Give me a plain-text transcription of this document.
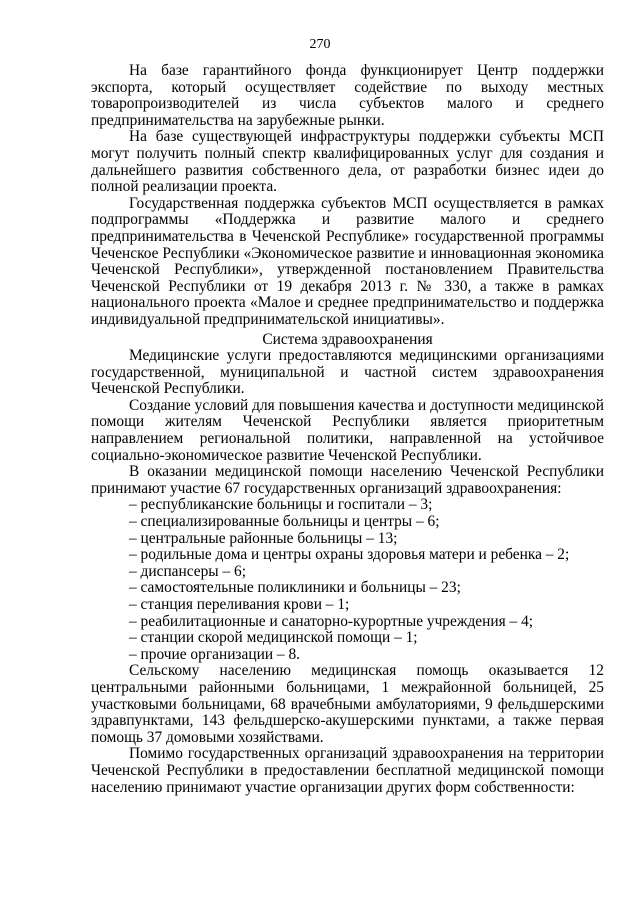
270

На базе гарантийного фонда функционирует Центр поддержки экспорта, который осуществляет содействие по выходу местных товаропроизводителей из числа субъектов малого и среднего предпринимательства на зарубежные рынки.

На базе существующей инфраструктуры поддержки субъекты МСП могут получить полный спектр квалифицированных услуг для создания и дальнейшего развития собственного дела, от разработки бизнес идеи до полной реализации проекта.

Государственная поддержка субъектов МСП осуществляется в рамках подпрограммы «Поддержка и развитие малого и среднего предпринимательства в Чеченской Республике» государственной программы Чеченское Республики «Экономическое развитие и инновационная экономика Чеченской Республики», утвержденной постановлением Правительства Чеченской Республики от 19 декабря 2013 г. № 330, а также в рамках национального проекта «Малое и среднее предпринимательство и поддержка индивидуальной предпринимательской инициативы».

Система здравоохранения

Медицинские услуги предоставляются медицинскими организациями государственной, муниципальной и частной систем здравоохранения Чеченской Республики.

Создание условий для повышения качества и доступности медицинской помощи жителям Чеченской Республики является приоритетным направлением региональной политики, направленной на устойчивое социально-экономическое развитие Чеченской Республики.

В оказании медицинской помощи населению Чеченской Республики принимают участие 67 государственных организаций здравоохранения:

– республиканские больницы и госпитали – 3;
– специализированные больницы и центры – 6;
– центральные районные больницы – 13;
– родильные дома и центры охраны здоровья матери и ребенка – 2;
– диспансеры – 6;
– самостоятельные поликлиники и больницы – 23;
– станция переливания крови – 1;
– реабилитационные и санаторно-курортные учреждения – 4;
– станции скорой медицинской помощи – 1;
– прочие организации – 8.

Сельскому населению медицинская помощь оказывается 12 центральными районными больницами, 1 межрайонной больницей, 25 участковыми больницами, 68 врачебными амбулаториями, 9 фельдшерскими здравпунктами, 143 фельдшерско-акушерскими пунктами, а также первая помощь 37 домовыми хозяйствами.

Помимо государственных организаций здравоохранения на территории Чеченской Республики в предоставлении бесплатной медицинской помощи населению принимают участие организации других форм собственности:
